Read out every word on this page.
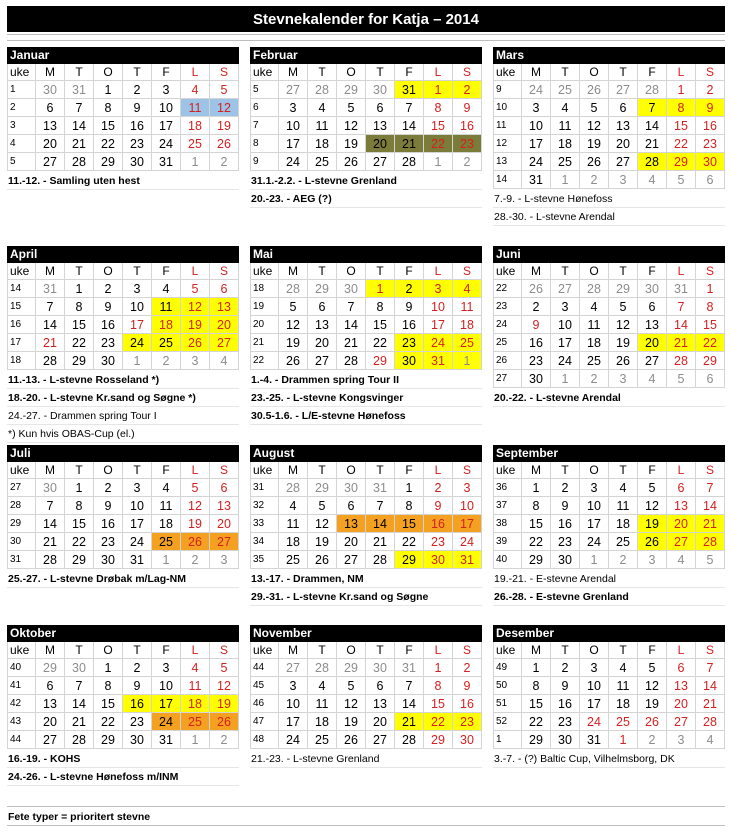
Stevnekalender for Katja – 2014
Januar
uke	M	T	O	T	F	L	S
1	30	31	1	2	3	4	5
2	6	7	8	9	10	11	12
3	13	14	15	16	17	18	19
4	20	21	22	23	24	25	26
5	27	28	29	30	31	1	2
11.-12. - Samling uten hest
Februar
uke	M	T	O	T	F	L	S
5	27	28	29	30	31	1	2
6	3	4	5	6	7	8	9
7	10	11	12	13	14	15	16
8	17	18	19	20	21	22	23
9	24	25	26	27	28	1	2
31.1.-2.2. - L-stevne Grenland
20.-23. - AEG (?)
Mars
uke	M	T	O	T	F	L	S
9	24	25	26	27	28	1	2
10	3	4	5	6	7	8	9
11	10	11	12	13	14	15	16
12	17	18	19	20	21	22	23
13	24	25	26	27	28	29	30
14	31	1	2	3	4	5	6
7.-9. - L-stevne Hønefoss
28.-30. - L-stevne Arendal
April
uke	M	T	O	T	F	L	S
14	31	1	2	3	4	5	6
15	7	8	9	10	11	12	13
16	14	15	16	17	18	19	20
17	21	22	23	24	25	26	27
18	28	29	30	1	2	3	4
11.-13. - L-stevne Rosseland *)
18.-20. - L-stevne Kr.sand og Søgne *)
24.-27. - Drammen spring Tour I
*) Kun hvis OBAS-Cup (el.)
Mai
uke	M	T	O	T	F	L	S
18	28	29	30	1	2	3	4
19	5	6	7	8	9	10	11
20	12	13	14	15	16	17	18
21	19	20	21	22	23	24	25
22	26	27	28	29	30	31	1
1.-4. - Drammen spring Tour II
23.-25. - L-stevne Kongsvinger
30.5-1.6. - L/E-stevne Hønefoss
Juni
uke	M	T	O	T	F	L	S
22	26	27	28	29	30	31	1
23	2	3	4	5	6	7	8
24	9	10	11	12	13	14	15
25	16	17	18	19	20	21	22
26	23	24	25	26	27	28	29
27	30	1	2	3	4	5	6
20.-22. - L-stevne Arendal
Juli
uke	M	T	O	T	F	L	S
27	30	1	2	3	4	5	6
28	7	8	9	10	11	12	13
29	14	15	16	17	18	19	20
30	21	22	23	24	25	26	27
31	28	29	30	31	1	2	3
25.-27. - L-stevne Drøbak m/Lag-NM
August
uke	M	T	O	T	F	L	S
31	28	29	30	31	1	2	3
32	4	5	6	7	8	9	10
33	11	12	13	14	15	16	17
34	18	19	20	21	22	23	24
35	25	26	27	28	29	30	31
13.-17. - Drammen, NM
29.-31. - L-stevne Kr.sand og Søgne
September
uke	M	T	O	T	F	L	S
36	1	2	3	4	5	6	7
37	8	9	10	11	12	13	14
38	15	16	17	18	19	20	21
39	22	23	24	25	26	27	28
40	29	30	1	2	3	4	5
19.-21. - E-stevne Arendal
26.-28. - E-stevne Grenland
Oktober
uke	M	T	O	T	F	L	S
40	29	30	1	2	3	4	5
41	6	7	8	9	10	11	12
42	13	14	15	16	17	18	19
43	20	21	22	23	24	25	26
44	27	28	29	30	31	1	2
16.-19. - KOHS
24.-26. - L-stevne Hønefoss m/INM
November
uke	M	T	O	T	F	L	S
44	27	28	29	30	31	1	2
45	3	4	5	6	7	8	9
46	10	11	12	13	14	15	16
47	17	18	19	20	21	22	23
48	24	25	26	27	28	29	30
21.-23. - L-stevne Grenland
Desember
uke	M	T	O	T	F	L	S
49	1	2	3	4	5	6	7
50	8	9	10	11	12	13	14
51	15	16	17	18	19	20	21
52	22	23	24	25	26	27	28
1	29	30	31	1	2	3	4
3.-7. - (?) Baltic Cup, Vilhelmsborg, DK
Fete typer = prioritert stevne
